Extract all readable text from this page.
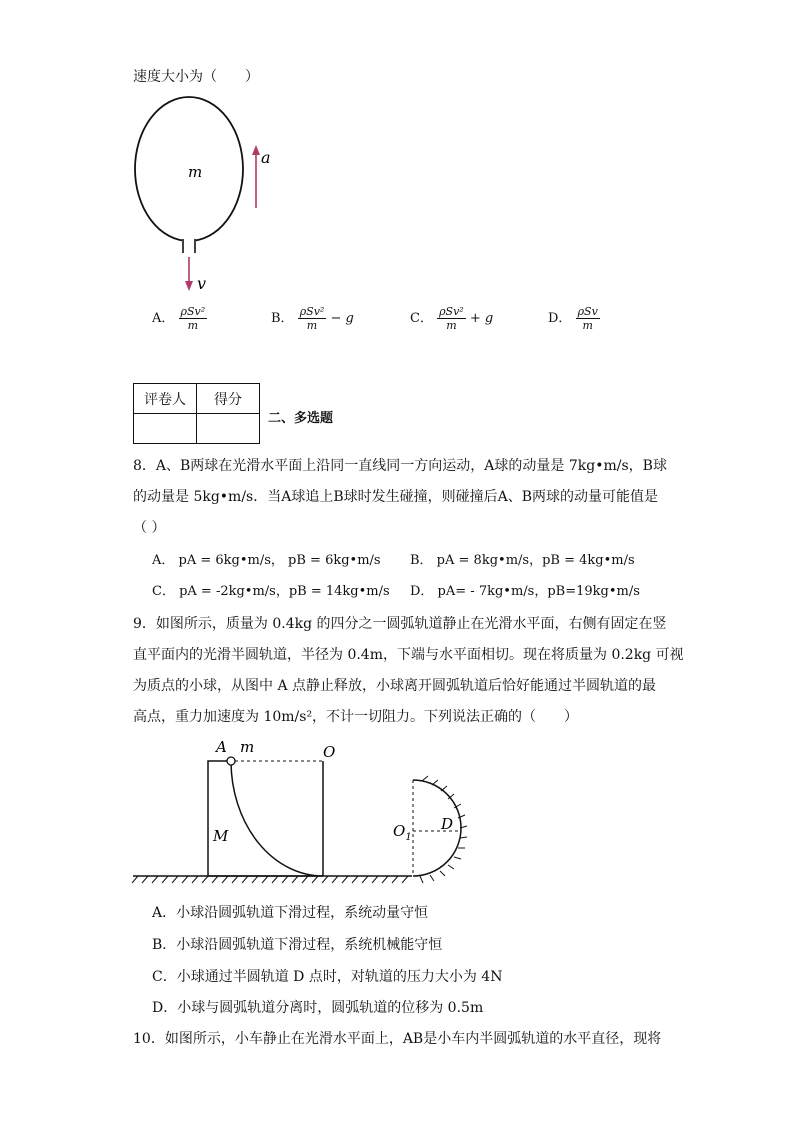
速度大小为（　　）
m
a
v
A． $\frac{\text{ρSv²}}{m}$	B． $\frac{\text{ρSv²}}{m} - g$	C． $\frac{\text{ρSv²}}{m} + g$	D． $\frac{\text{ρSv}}{m}$
评卷人	得分

二、多选题
8．A、B两球在光滑水平面上沿同一直线同一方向运动，A球的动量是 7kg•m/s，B球
的动量是 5kg•m/s．当A球追上B球时发生碰撞，则碰撞后A、B两球的动量可能值是
（ ）
A． pA = 6kg•m/s， pB = 6kg•m/s B． pA = 8kg•m/s，pB = 4kg•m/s
C． pA = -2kg•m/s，pB = 14kg•m/s D． pA= - 7kg•m/s，pB=19kg•m/s
9．如图所示，质量为 0.4kg 的四分之一圆弧轨道静止在光滑水平面，右侧有固定在竖
直平面内的光滑半圆轨道，半径为 0.4m，下端与水平面相切。现在将质量为 0.2kg 可视
为质点的小球，从图中 A 点静止释放，小球离开圆弧轨道后恰好能通过半圆轨道的最
高点，重力加速度为 10m/s²，不计一切阻力。下列说法正确的（　　）
A m	O
M	$O_1$
D
A．小球沿圆弧轨道下滑过程，系统动量守恒
B．小球沿圆弧轨道下滑过程，系统机械能守恒
C．小球通过半圆轨道 D 点时，对轨道的压力大小为 4N
D．小球与圆弧轨道分离时，圆弧轨道的位移为 0.5m
10．如图所示，小车静止在光滑水平面上，AB是小车内半圆弧轨道的水平直径，现将
